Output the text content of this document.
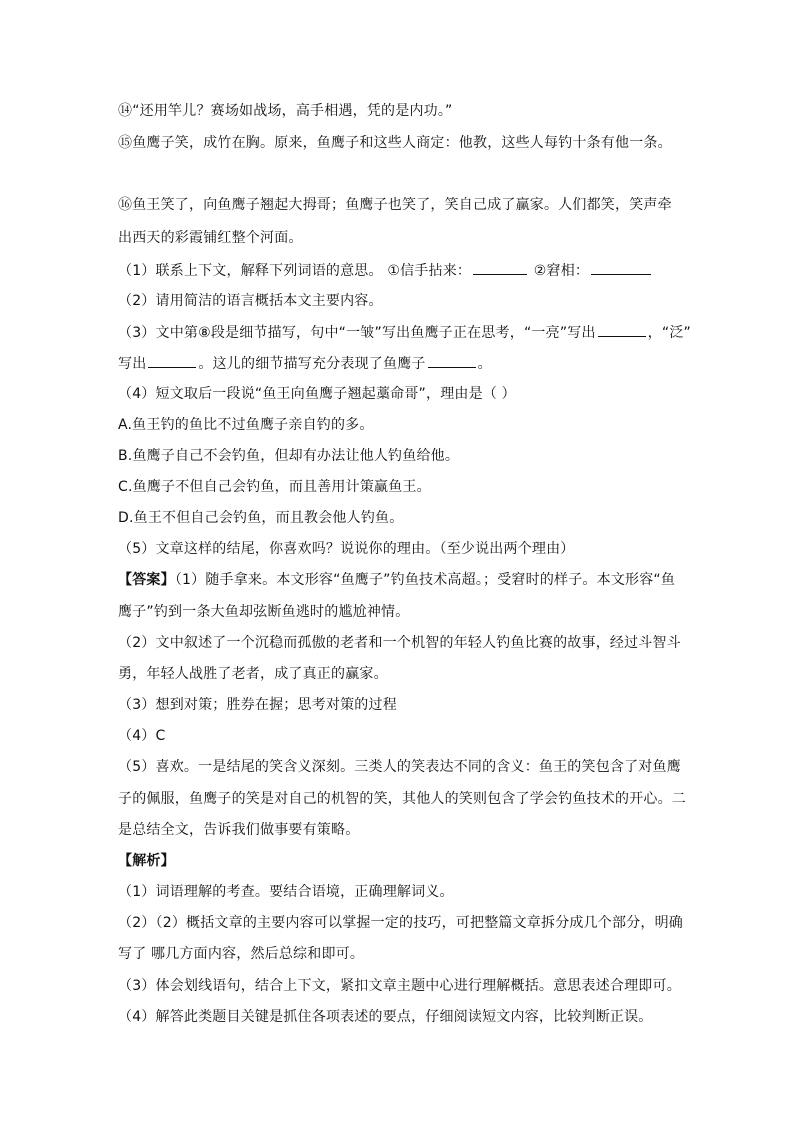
⑭“还用竿儿？赛场如战场，高手相遇，凭的是内功。”
⑮鱼鹰子笑，成竹在胸。原来，鱼鹰子和这些人商定：他教，这些人每钓十条有他一条。
⑯鱼王笑了，向鱼鹰子翘起大拇哥；鱼鹰子也笑了，笑自己成了赢家。人们都笑，笑声牵
出西天的彩霞铺红整个河面。
（1）联系上下文，解释下列词语的意思。 ①信手拈来：	②窘相：
（2）请用简洁的语言概括本文主要内容。
（3）文中第⑧段是细节描写，句中“一皱”写出鱼鹰子正在思考，“一亮”写出	，“泛”
写出	。这儿的细节描写充分表现了鱼鹰子	。
（4）短文取后一段说“鱼王向鱼鹰子翘起藁命哥”，理由是（ ）
A.鱼王钓的鱼比不过鱼鹰子亲自钓的多。
B.鱼鹰子自己不会钓鱼，但却有办法让他人钓鱼给他。
C.鱼鹰子不但自己会钓鱼，而且善用计策赢鱼王。
D.鱼王不但自己会钓鱼，而且教会他人钓鱼。
（5）文章这样的结尾，你喜欢吗？说说你的理由。（至少说出两个理由）
【答案】（1）随手拿来。本文形容“鱼鹰子”钓鱼技术高超。；受窘时的样子。本文形容“鱼
鹰子”钓到一条大鱼却弦断鱼逃时的尴尬神情。
（2）文中叙述了一个沉稳而孤傲的老者和一个机智的年轻人钓鱼比赛的故事，经过斗智斗
勇，年轻人战胜了老者，成了真正的赢家。
（3）想到对策；胜券在握；思考对策的过程
（4）C
（5）喜欢。一是结尾的笑含义深刻。三类人的笑表达不同的含义：鱼王的笑包含了对鱼鹰
子的佩服，鱼鹰子的笑是对自己的机智的笑，其他人的笑则包含了学会钓鱼技术的开心。二
是总结全文，告诉我们做事要有策略。
【解析】
（1）词语理解的考查。要结合语境，正确理解词义。
（2）（2）概括文章的主要内容可以掌握一定的技巧，可把整篇文章拆分成几个部分，明确
写了 哪几方面内容，然后总综和即可。
（3）体会划线语句，结合上下文，紧扣文章主题中心进行理解概括。意思表述合理即可。
（4）解答此类题目关键是抓住各项表述的要点，仔细阅读短文内容，比较判断正误。
